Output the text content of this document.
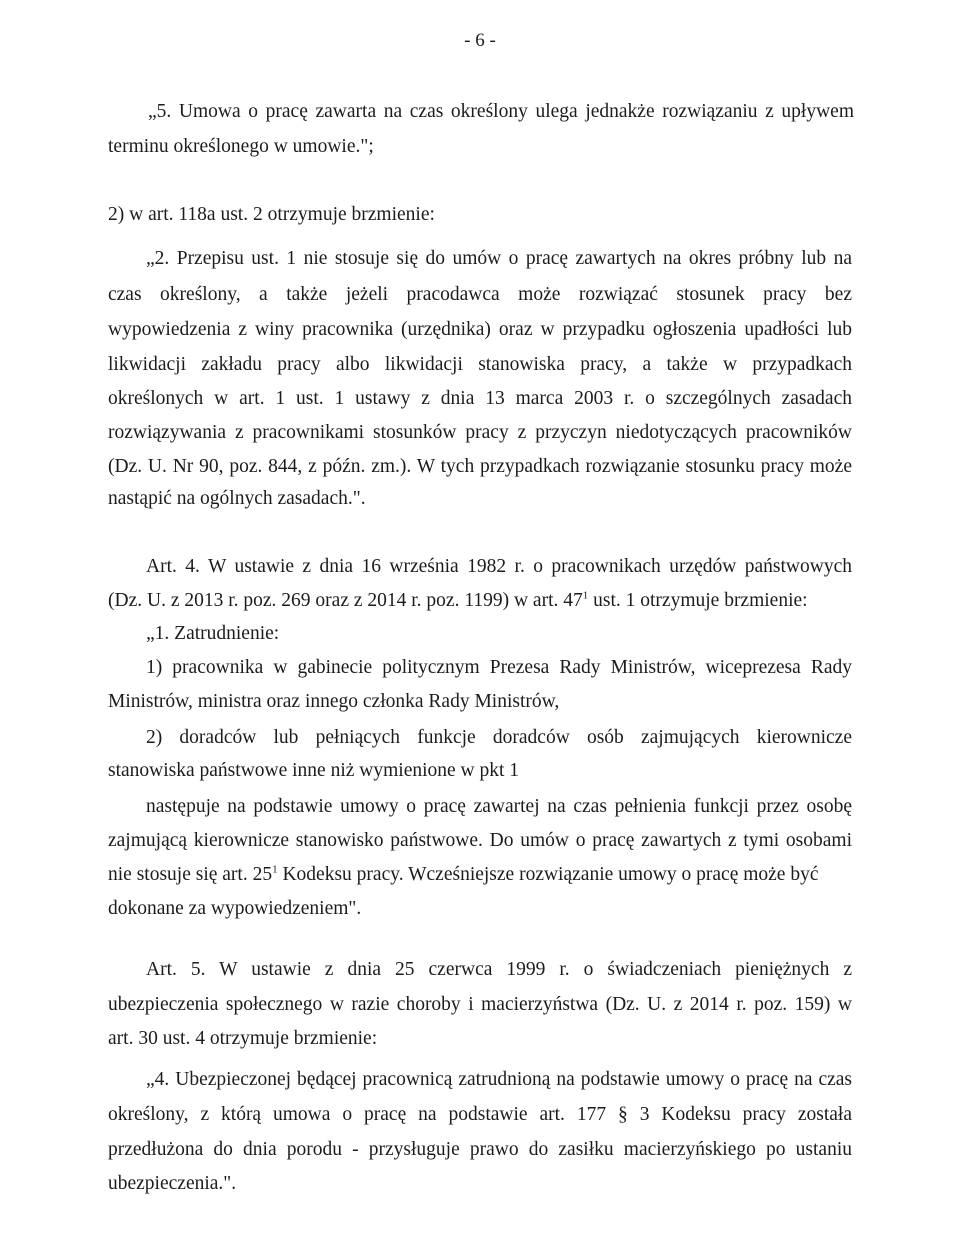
- 6 -
„5. Umowa o pracę zawarta na czas określony ulega jednakże rozwiązaniu z upływem
terminu określonego w umowie.";
2) w art. 118a ust. 2 otrzymuje brzmienie:
„2. Przepisu ust. 1 nie stosuje się do umów o pracę zawartych na okres próbny lub na
czas określony, a także jeżeli pracodawca może rozwiązać stosunek pracy bez
wypowiedzenia z winy pracownika (urzędnika) oraz w przypadku ogłoszenia upadłości lub
likwidacji zakładu pracy albo likwidacji stanowiska pracy, a także w przypadkach
określonych w art. 1 ust. 1 ustawy z dnia 13 marca 2003 r. o szczególnych zasadach
rozwiązywania z pracownikami stosunków pracy z przyczyn niedotyczących pracowników
(Dz. U. Nr 90, poz. 844, z późn. zm.). W tych przypadkach rozwiązanie stosunku pracy może
nastąpić na ogólnych zasadach.".
Art. 4. W ustawie z dnia 16 września 1982 r. o pracownikach urzędów państwowych
(Dz. U. z 2013 r. poz. 269 oraz z 2014 r. poz. 1199) w art. $47^1$ ust. 1 otrzymuje brzmienie:
„1. Zatrudnienie:
1) pracownika w gabinecie politycznym Prezesa Rady Ministrów, wiceprezesa Rady
Ministrów, ministra oraz innego członka Rady Ministrów,
2) doradców lub pełniących funkcje doradców osób zajmujących kierownicze
stanowiska państwowe inne niż wymienione w pkt 1
następuje na podstawie umowy o pracę zawartej na czas pełnienia funkcji przez osobę
zajmującą kierownicze stanowisko państwowe. Do umów o pracę zawartych z tymi osobami
nie stosuje się art. $25^1$ Kodeksu pracy. Wcześniejsze rozwiązanie umowy o pracę może być
dokonane za wypowiedzeniem".
Art. 5. W ustawie z dnia 25 czerwca 1999 r. o świadczeniach pieniężnych z
ubezpieczenia społecznego w razie choroby i macierzyństwa (Dz. U. z 2014 r. poz. 159) w
art. 30 ust. 4 otrzymuje brzmienie:
„4. Ubezpieczonej będącej pracownicą zatrudnioną na podstawie umowy o pracę na czas
określony, z którą umowa o pracę na podstawie art. 177 § 3 Kodeksu pracy została
przedłużona do dnia porodu - przysługuje prawo do zasiłku macierzyńskiego po ustaniu
ubezpieczenia.".
